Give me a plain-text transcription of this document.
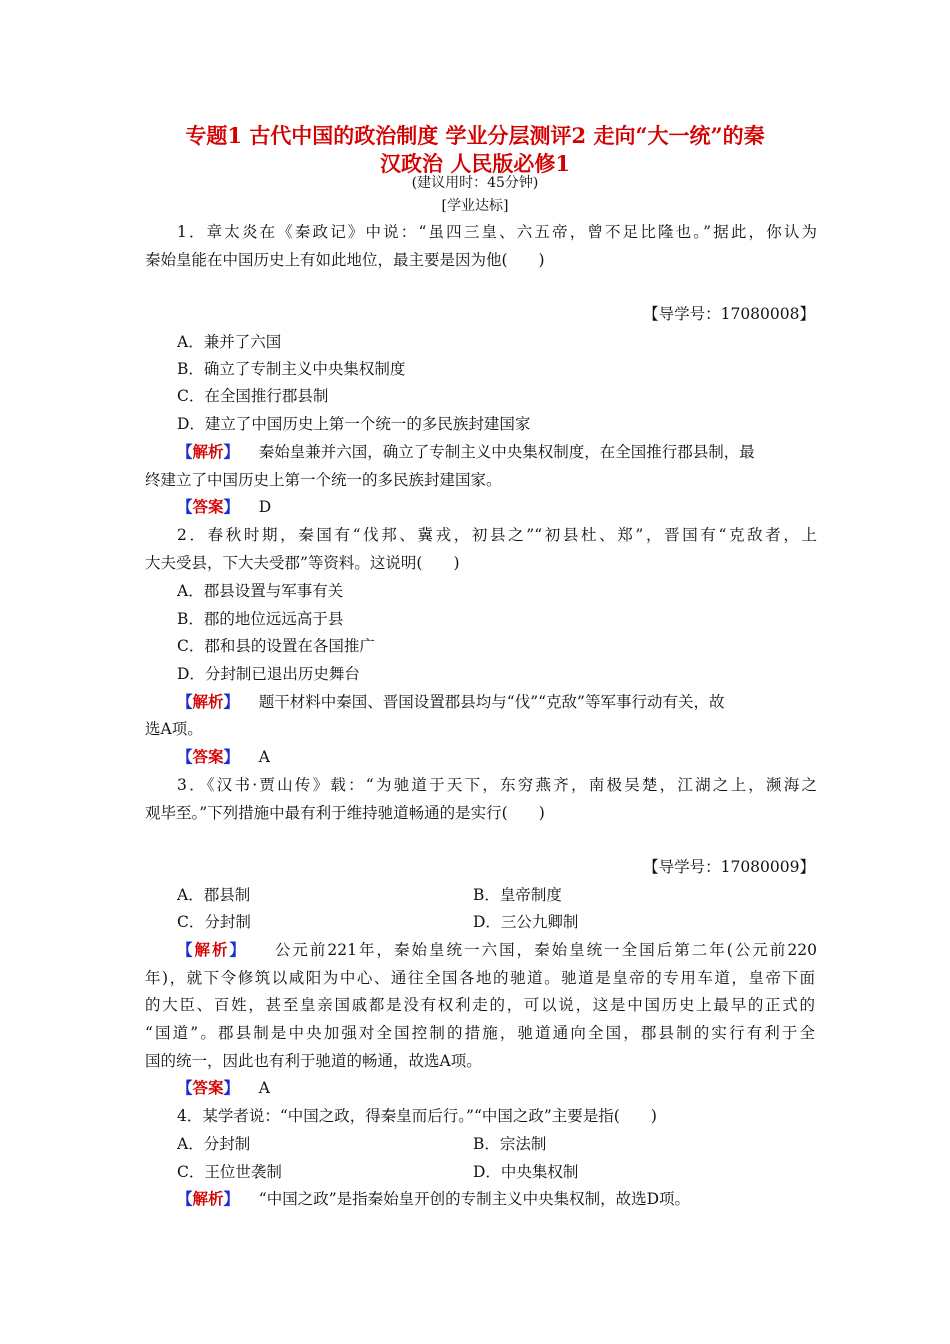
专题1 古代中国的政治制度 学业分层测评2 走向“大一统”的秦
汉政治 人民版必修1
(建议用时：45分钟)
[学业达标]
1．章太炎在《秦政记》中说：“虽四三皇、六五帝，曾不足比隆也。”据此，你认为
秦始皇能在中国历史上有如此地位，最主要是因为他(　　)
【导学号：17080008】
A．兼并了六国
B．确立了专制主义中央集权制度
C．在全国推行郡县制
D．建立了中国历史上第一个统一的多民族封建国家
【解析】 秦始皇兼并六国，确立了专制主义中央集权制度，在全国推行郡县制，最
终建立了中国历史上第一个统一的多民族封建国家。
【答案】 D
2．春秋时期，秦国有“伐邦、冀戎，初县之”“初县杜、郑”，晋国有“克敌者，上
大夫受县，下大夫受郡”等资料。这说明(　　)
A．郡县设置与军事有关
B．郡的地位远远高于县
C．郡和县的设置在各国推广
D．分封制已退出历史舞台
【解析】 题干材料中秦国、晋国设置郡县均与“伐”“克敌”等军事行动有关，故
选A项。
【答案】 A
3．《汉书·贾山传》载：“为驰道于天下，东穷燕齐，南极吴楚，江湖之上，濒海之
观毕至。”下列措施中最有利于维持驰道畅通的是实行(　　)
【导学号：17080009】
A．郡县制	B．皇帝制度
C．分封制	D．三公九卿制
【解析】 公元前221年，秦始皇统一六国，秦始皇统一全国后第二年(公元前220
年)，就下令修筑以咸阳为中心、通往全国各地的驰道。驰道是皇帝的专用车道，皇帝下面
的大臣、百姓，甚至皇亲国戚都是没有权利走的，可以说，这是中国历史上最早的正式的
“国道”。郡县制是中央加强对全国控制的措施，驰道通向全国，郡县制的实行有利于全
国的统一，因此也有利于驰道的畅通，故选A项。
【答案】 A
4．某学者说：“中国之政，得秦皇而后行。”“中国之政”主要是指(　　)
A．分封制	B．宗法制
C．王位世袭制	D．中央集权制
【解析】 “中国之政”是指秦始皇开创的专制主义中央集权制，故选D项。
